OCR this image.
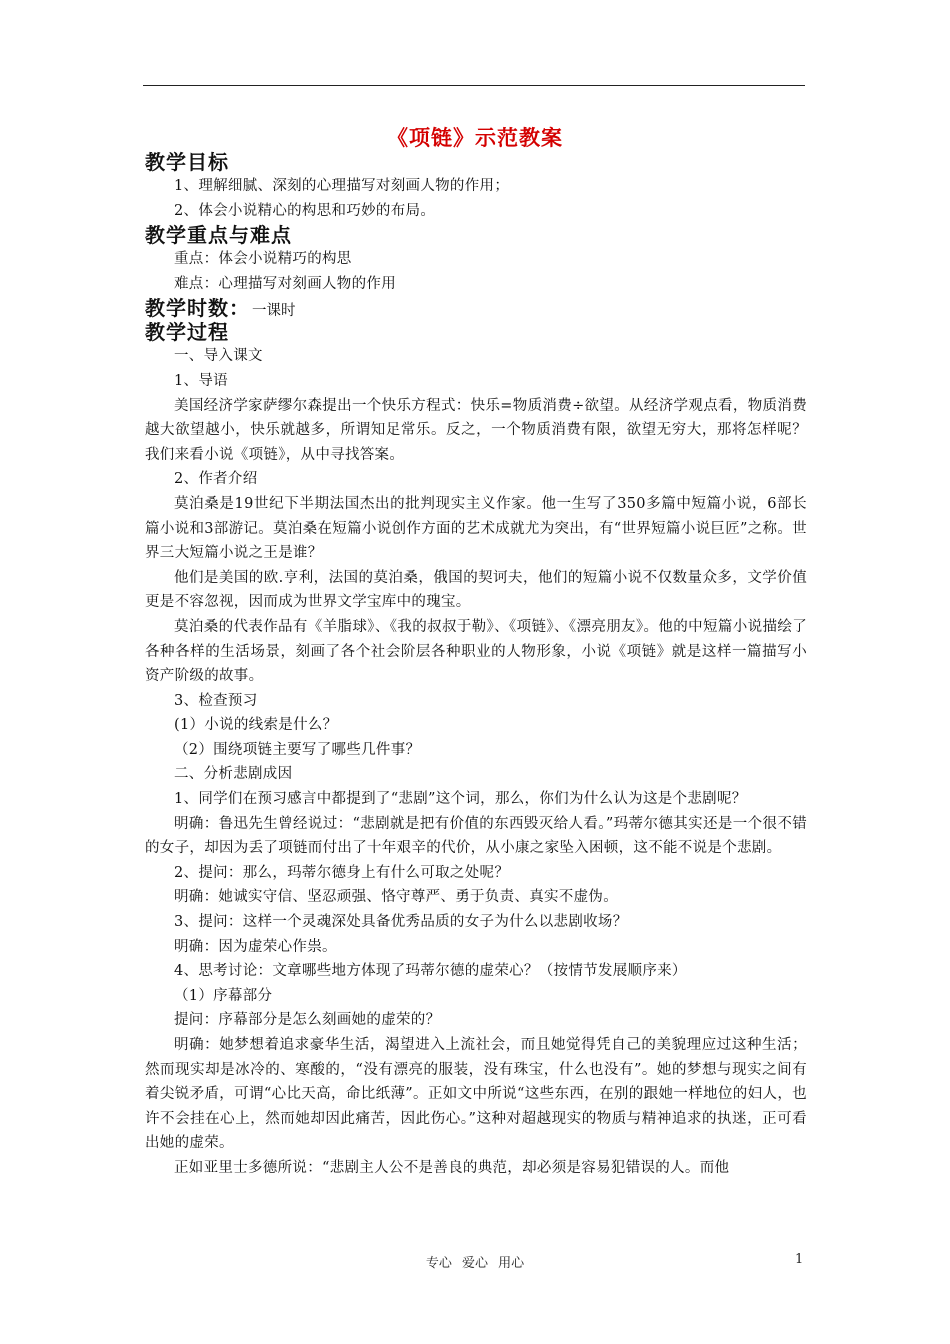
《项链》示范教案
教学目标
1、理解细腻、深刻的心理描写对刻画人物的作用；
2、体会小说精心的构思和巧妙的布局。
教学重点与难点
重点：体会小说精巧的构思
难点：心理描写对刻画人物的作用
教学时数： 一课时
教学过程
一、导入课文
1、导语
美国经济学家萨缪尔森提出一个快乐方程式：快乐=物质消费÷欲望。从经济学观点看，物质消费越大欲望越小，快乐就越多，所谓知足常乐。反之，一个物质消费有限，欲望无穷大，那将怎样呢？我们来看小说《项链》，从中寻找答案。
2、作者介绍
莫泊桑是19世纪下半期法国杰出的批判现实主义作家。他一生写了350多篇中短篇小说，6部长篇小说和3部游记。莫泊桑在短篇小说创作方面的艺术成就尤为突出，有“世界短篇小说巨匠”之称。世界三大短篇小说之王是谁？
他们是美国的欧.亨利，法国的莫泊桑，俄国的契诃夫，他们的短篇小说不仅数量众多，文学价值更是不容忽视，因而成为世界文学宝库中的瑰宝。
莫泊桑的代表作品有《羊脂球》、《我的叔叔于勒》、《项链》、《漂亮朋友》。他的中短篇小说描绘了各种各样的生活场景，刻画了各个社会阶层各种职业的人物形象，小说《项链》就是这样一篇描写小资产阶级的故事。
3、检查预习
(1）小说的线索是什么？
（2）围绕项链主要写了哪些几件事？
二、分析悲剧成因
1、同学们在预习感言中都提到了“悲剧”这个词，那么，你们为什么认为这是个悲剧呢？
明确：鲁迅先生曾经说过：“悲剧就是把有价值的东西毁灭给人看。”玛蒂尔德其实还是一个很不错的女子，却因为丢了项链而付出了十年艰辛的代价，从小康之家坠入困顿，这不能不说是个悲剧。
2、提问：那么，玛蒂尔德身上有什么可取之处呢？
明确：她诚实守信、坚忍顽强、恪守尊严、勇于负责、真实不虚伪。
3、提问：这样一个灵魂深处具备优秀品质的女子为什么以悲剧收场？
明确：因为虚荣心作祟。
4、思考讨论：文章哪些地方体现了玛蒂尔德的虚荣心？（按情节发展顺序来）
（1）序幕部分
提问：序幕部分是怎么刻画她的虚荣的？
明确：她梦想着追求豪华生活，渴望进入上流社会，而且她觉得凭自己的美貌理应过这种生活；然而现实却是冰冷的、寒酸的，“没有漂亮的服装，没有珠宝，什么也没有”。她的梦想与现实之间有着尖锐矛盾，可谓“心比天高，命比纸薄”。正如文中所说“这些东西，在别的跟她一样地位的妇人，也许不会挂在心上，然而她却因此痛苦，因此伤心。”这种对超越现实的物质与精神追求的执迷，正可看出她的虚荣。
正如亚里士多德所说：“悲剧主人公不是善良的典范，却必须是容易犯错误的人。而他
专心 爱心 用心	1
